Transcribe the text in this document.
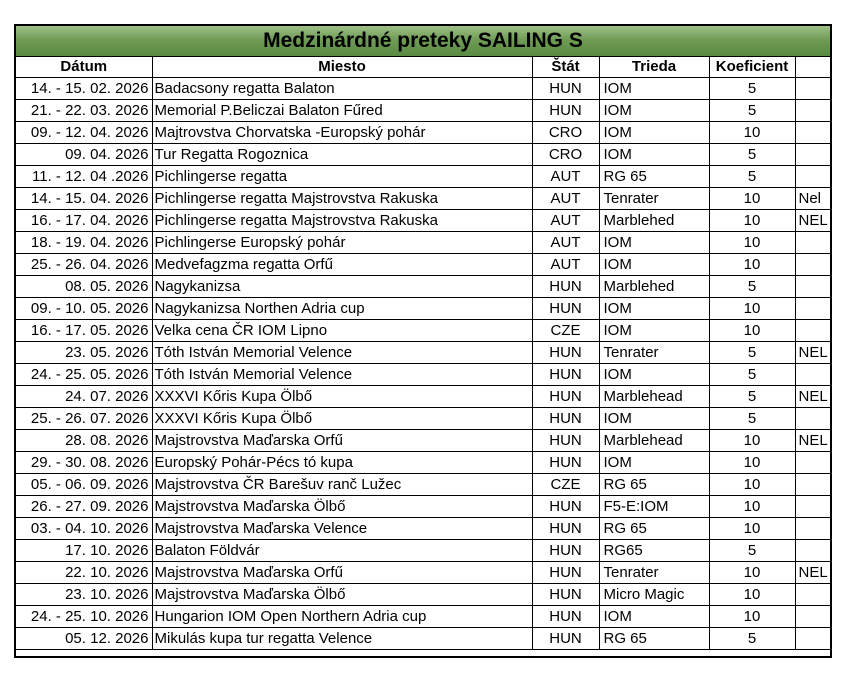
Medzinárdné preteky SAILING S
Dátum	Miesto	Štát	Trieda	Koeficient	
14. - 15. 02. 2026	Badacsony regatta Balaton	HUN	IOM	5	
21. - 22. 03. 2026	Memorial P.Beliczai Balaton Fűred	HUN	IOM	5	
09. - 12. 04. 2026	Majtrovstva Chorvatska -Europský pohár	CRO	IOM	10	
09. 04. 2026	Tur Regatta Rogoznica	CRO	IOM	5	
11. - 12. 04 .2026	Pichlingerse regatta	AUT	RG 65	5	
14. - 15. 04. 2026	Pichlingerse regatta Majstrovstva Rakuska	AUT	Tenrater	10	Nel
16. - 17. 04. 2026	Pichlingerse regatta Majstrovstva Rakuska	AUT	Marblehed	10	NEL
18. - 19. 04. 2026	Pichlingerse Europský pohár	AUT	IOM	10	
25. - 26. 04. 2026	Medvefagzma regatta Orfű	AUT	IOM	10	
08. 05. 2026	Nagykanizsa	HUN	Marblehed	5	
09. - 10. 05. 2026	Nagykanizsa Northen Adria cup	HUN	IOM	10	
16. - 17. 05. 2026	Velka cena ČR IOM Lipno	CZE	IOM	10	
23. 05. 2026	Tóth István Memorial Velence	HUN	Tenrater	5	NEL
24. - 25. 05. 2026	Tóth István Memorial Velence	HUN	IOM	5	
24. 07. 2026	XXXVI Kőris Kupa Ölbő	HUN	Marblehead	5	NEL
25. - 26. 07. 2026	XXXVI Kőris Kupa Ölbő	HUN	IOM	5	
28. 08. 2026	Majstrovstva Maďarska Orfű	HUN	Marblehead	10	NEL
29. - 30. 08. 2026	Europský Pohár-Pécs tó kupa	HUN	IOM	10	
05. - 06. 09. 2026	Majstrovstva ČR Barešuv ranč Lužec	CZE	RG 65	10	
26. - 27. 09. 2026	Majstrovstva Maďarska Ölbő	HUN	F5-E:IOM	10	
03. - 04. 10. 2026	Majstrovstva Maďarska Velence	HUN	RG 65	10	
17. 10. 2026	Balaton Földvár	HUN	RG65	5	
22. 10. 2026	Majstrovstva Maďarska Orfű	HUN	Tenrater	10	NEL
23. 10. 2026	Majstrovstva Maďarska Ölbő	HUN	Micro Magic	10	
24. - 25. 10. 2026	Hungarion IOM Open Northern Adria cup	HUN	IOM	10	
05. 12. 2026	Mikulás kupa tur regatta Velence	HUN	RG 65	5	
